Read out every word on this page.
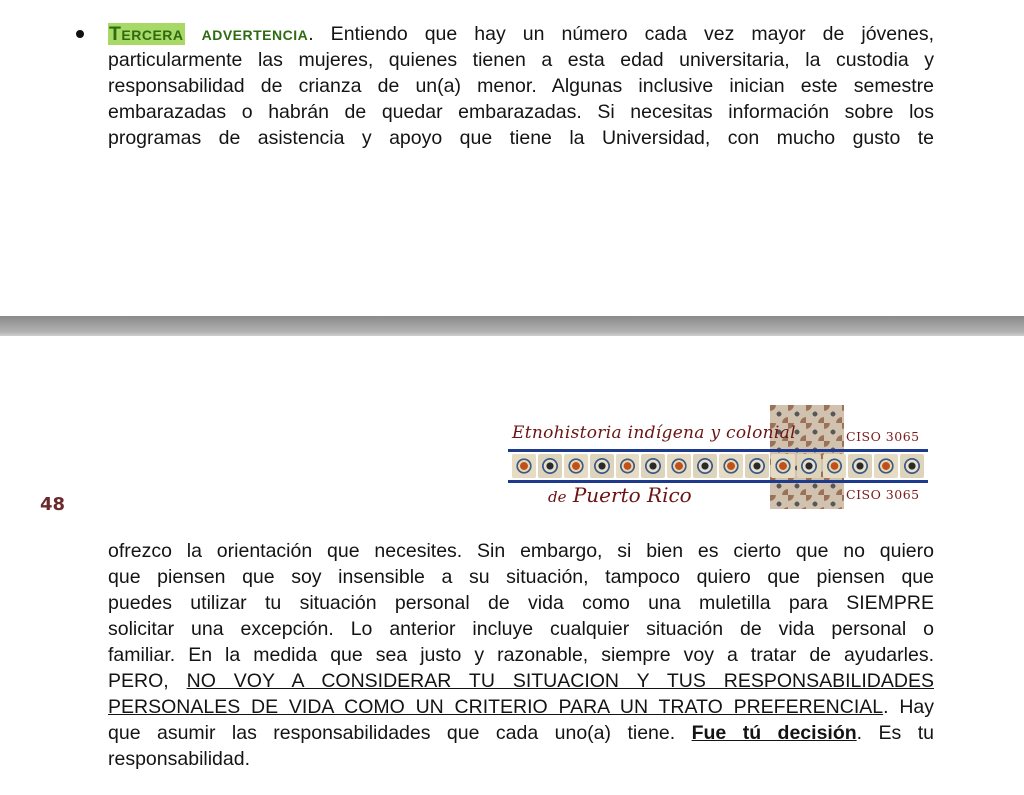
Tercera advertencia. Entiendo que hay un número cada vez mayor de jóvenes,
particularmente las mujeres, quienes tienen a esta edad universitaria, la custodia y
responsabilidad de crianza de un(a) menor. Algunas inclusive inician este semestre
embarazadas o habrán de quedar embarazadas. Si necesitas información sobre los
programas de asistencia y apoyo que tiene la Universidad, con mucho gusto te
Etnohistoria indígena y colonial	CISO 3065
de Puerto Rico	CISO 3065
48
ofrezco la orientación que necesites. Sin embargo, si bien es cierto que no quiero
que piensen que soy insensible a su situación, tampoco quiero que piensen que
puedes utilizar tu situación personal de vida como una muletilla para SIEMPRE
solicitar una excepción. Lo anterior incluye cualquier situación de vida personal o
familiar. En la medida que sea justo y razonable, siempre voy a tratar de ayudarles.
PERO, NO VOY A CONSIDERAR TU SITUACION Y TUS RESPONSABILIDADES
PERSONALES DE VIDA COMO UN CRITERIO PARA UN TRATO PREFERENCIAL. Hay
que asumir las responsabilidades que cada uno(a) tiene. Fue tú decisión. Es tu
responsabilidad.
